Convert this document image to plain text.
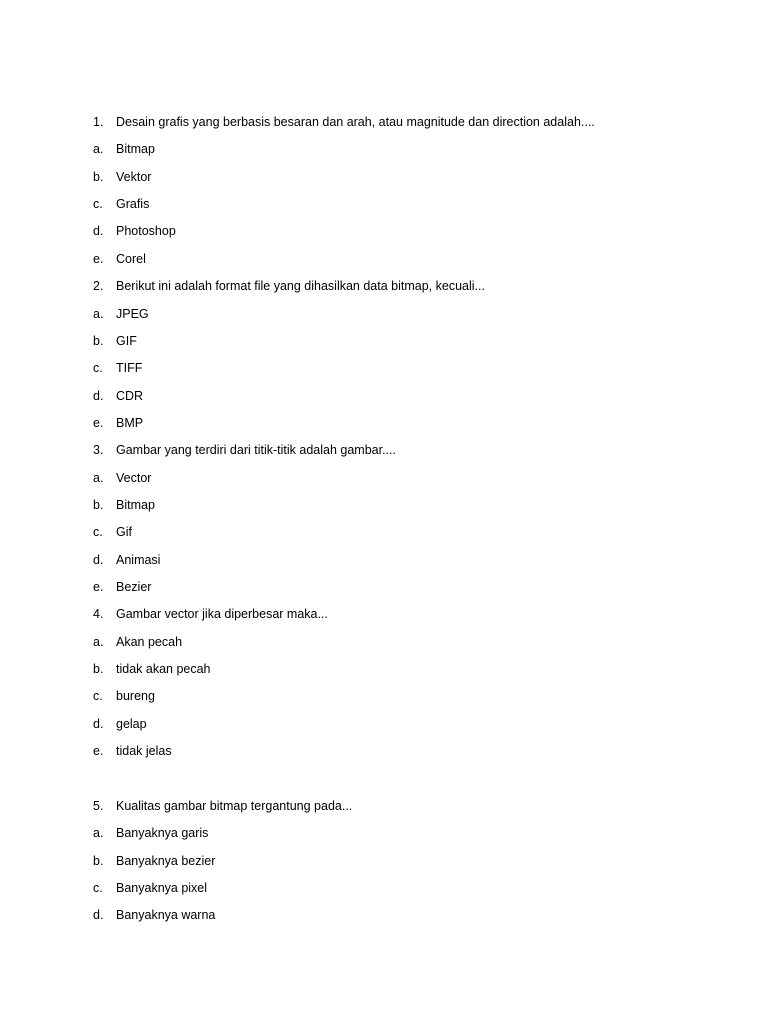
1. Desain grafis yang berbasis besaran dan arah, atau magnitude dan direction adalah....
a. Bitmap
b. Vektor
c. Grafis
d. Photoshop
e. Corel
2. Berikut ini adalah format file yang dihasilkan data bitmap, kecuali...
a. JPEG
b. GIF
c. TIFF
d. CDR
e. BMP
3. Gambar yang terdiri dari titik-titik adalah gambar....
a. Vector
b. Bitmap
c. Gif
d. Animasi
e. Bezier
4. Gambar vector jika diperbesar maka...
a. Akan pecah
b. tidak akan pecah
c. bureng
d. gelap
e. tidak jelas
5. Kualitas gambar bitmap tergantung pada...
a. Banyaknya garis
b. Banyaknya bezier
c. Banyaknya pixel
d. Banyaknya warna
